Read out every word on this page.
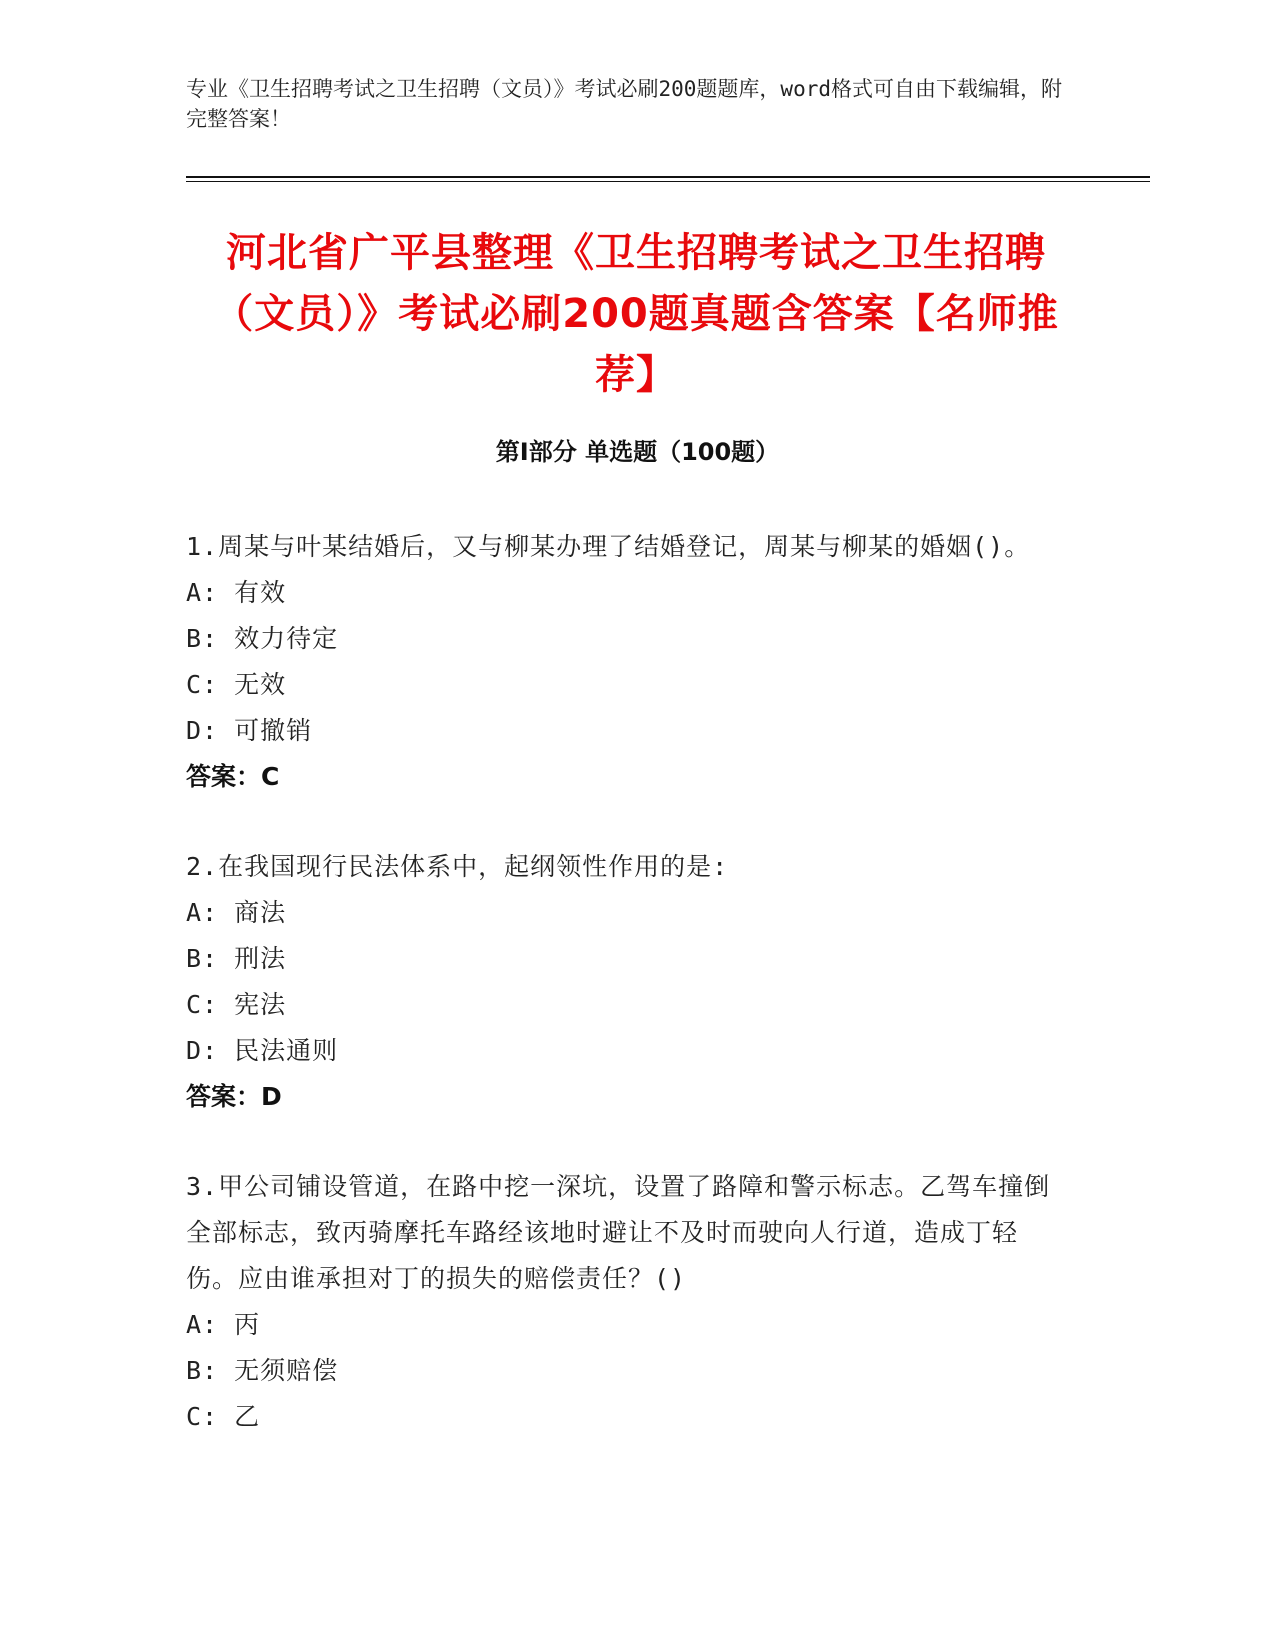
专业《卫生招聘考试之卫生招聘（文员）》考试必刷200题题库，word格式可自由下载编辑，附完整答案！
河北省广平县整理《卫生招聘考试之卫生招聘（文员）》考试必刷200题真题含答案【名师推荐】
第Ⅰ部分 单选题（100题）
1.周某与叶某结婚后，又与柳某办理了结婚登记，周某与柳某的婚姻()。
A: 有效
B: 效力待定
C: 无效
D: 可撤销
答案：C
2.在我国现行民法体系中，起纲领性作用的是:
A: 商法
B: 刑法
C: 宪法
D: 民法通则
答案：D
3.甲公司铺设管道，在路中挖一深坑，设置了路障和警示标志。乙驾车撞倒全部标志，致丙骑摩托车路经该地时避让不及时而驶向人行道，造成丁轻伤。应由谁承担对丁的损失的赔偿责任？()
A: 丙
B: 无须赔偿
C: 乙
